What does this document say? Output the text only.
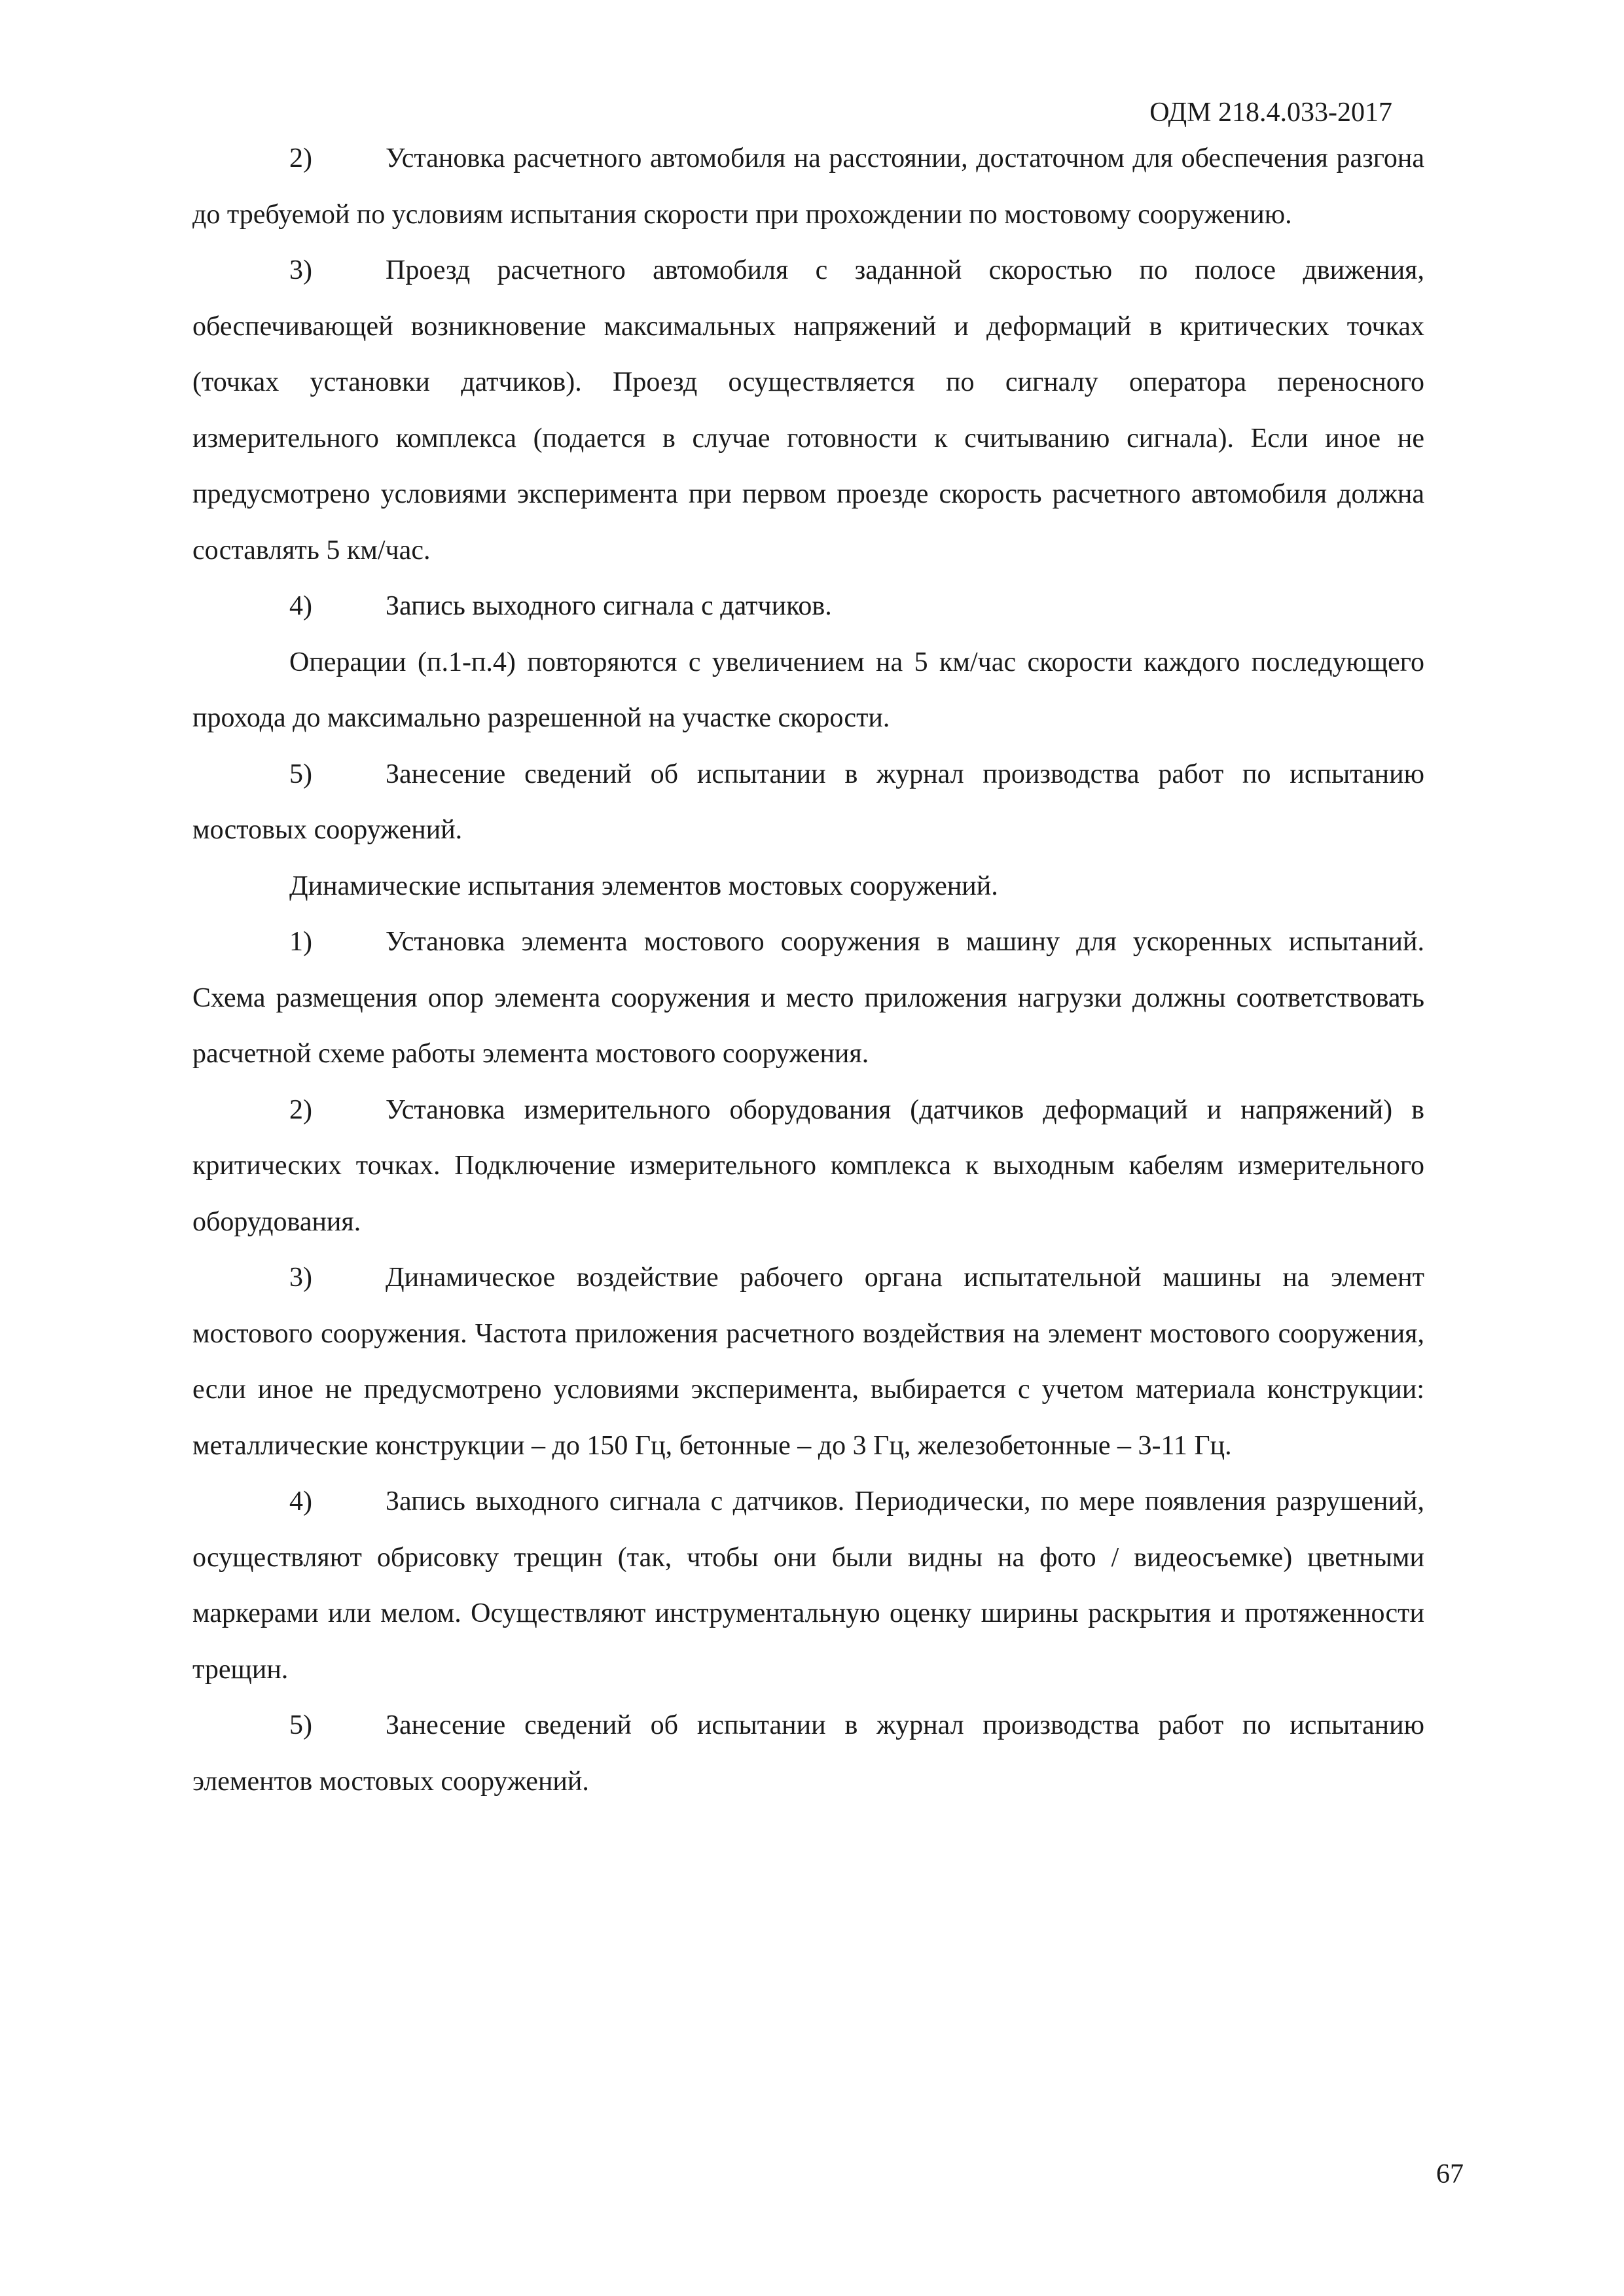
ОДМ 218.4.033-2017

2)	Установка расчетного автомобиля на расстоянии, достаточном для обеспечения разгона до требуемой по условиям испытания скорости при прохождении по мостовому сооружению.

3)	Проезд расчетного автомобиля с заданной скоростью по полосе движения, обеспечивающей возникновение максимальных напряжений и деформаций в критических точках (точках установки датчиков). Проезд осуществляется по сигналу оператора переносного измерительного комплекса (подается в случае готовности к считыванию сигнала). Если иное не предусмотрено условиями эксперимента при первом проезде скорость расчетного автомобиля должна составлять 5 км/час.

4)	Запись выходного сигнала с датчиков.

Операции (п.1-п.4) повторяются с увеличением на 5 км/час скорости каждого последующего прохода до максимально разрешенной на участке скорости.

5)	Занесение сведений об испытании в журнал производства работ по испытанию мостовых сооружений.

Динамические испытания элементов мостовых сооружений.

1)	Установка элемента мостового сооружения в машину для ускоренных испытаний. Схема размещения опор элемента сооружения и место приложения нагрузки должны соответствовать расчетной схеме работы элемента мостового сооружения.

2)	Установка измерительного оборудования (датчиков деформаций и напряжений) в критических точках. Подключение измерительного комплекса к выходным кабелям измерительного оборудования.

3)	Динамическое воздействие рабочего органа испытательной машины на элемент мостового сооружения. Частота приложения расчетного воздействия на элемент мостового сооружения, если иное не предусмотрено условиями эксперимента, выбирается с учетом материала конструкции: металлические конструкции – до 150 Гц, бетонные – до 3 Гц, железобетонные – 3-11 Гц.

4)	Запись выходного сигнала с датчиков. Периодически, по мере появления разрушений, осуществляют обрисовку трещин (так, чтобы они были видны на фото / видеосъемке) цветными маркерами или мелом. Осуществляют инструментальную оценку ширины раскрытия и протяженности трещин.

5)	Занесение сведений об испытании в журнал производства работ по испытанию элементов мостовых сооружений.

67
